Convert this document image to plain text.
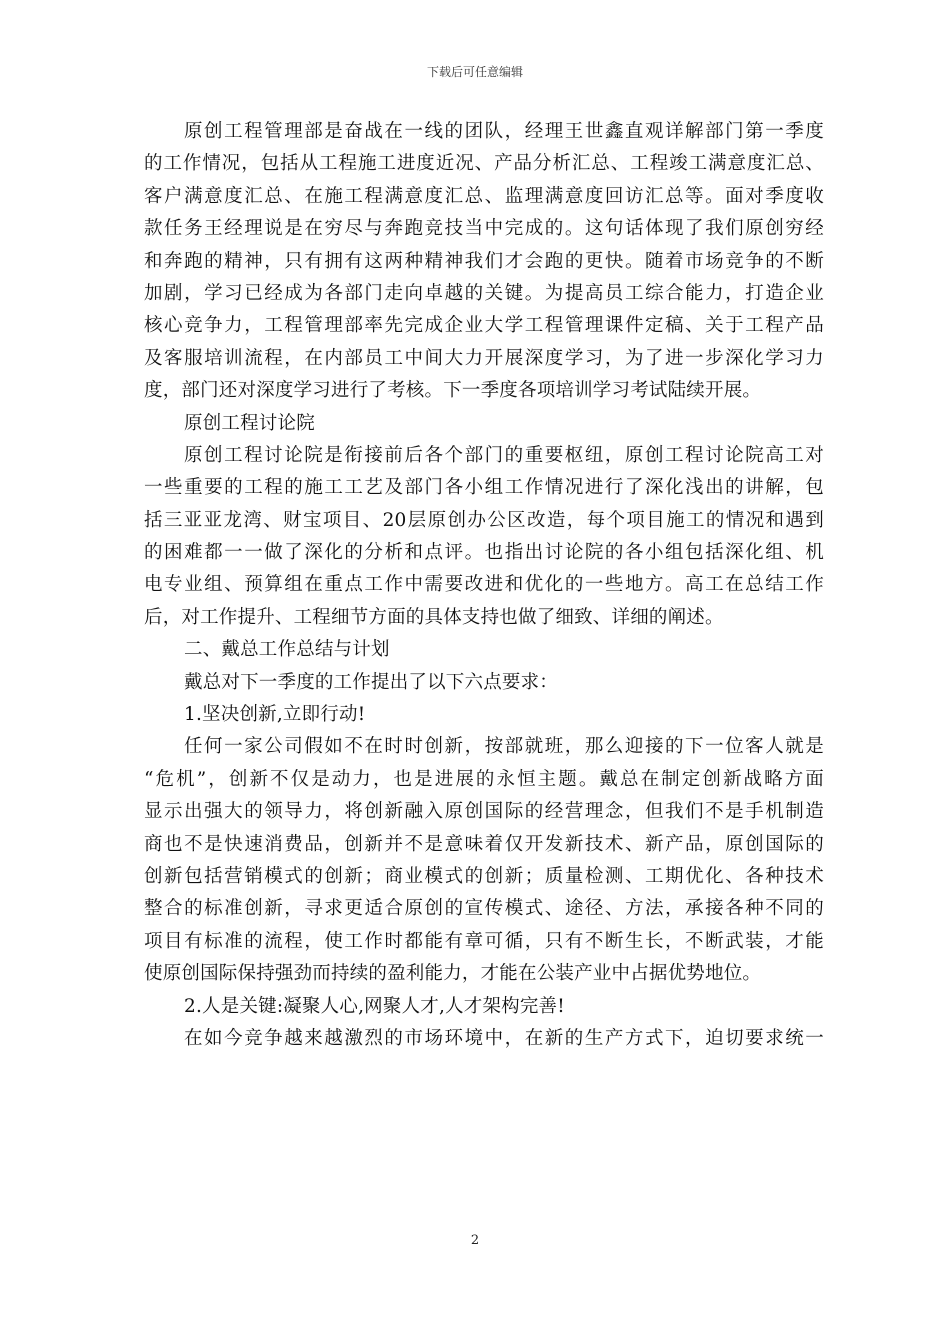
下载后可任意编辑
原创工程管理部是奋战在一线的团队，经理王世鑫直观详解部门第一季度
的工作情况，包括从工程施工进度近况、产品分析汇总、工程竣工满意度汇总、
客户满意度汇总、在施工程满意度汇总、监理满意度回访汇总等。面对季度收
款任务王经理说是在穷尽与奔跑竞技当中完成的。这句话体现了我们原创穷经
和奔跑的精神，只有拥有这两种精神我们才会跑的更快。随着市场竞争的不断
加剧，学习已经成为各部门走向卓越的关键。为提高员工综合能力，打造企业
核心竞争力，工程管理部率先完成企业大学工程管理课件定稿、关于工程产品
及客服培训流程，在内部员工中间大力开展深度学习，为了进一步深化学习力
度，部门还对深度学习进行了考核。下一季度各项培训学习考试陆续开展。
原创工程讨论院
原创工程讨论院是衔接前后各个部门的重要枢纽，原创工程讨论院高工对
一些重要的工程的施工工艺及部门各小组工作情况进行了深化浅出的讲解，包
括三亚亚龙湾、财宝项目、20层原创办公区改造，每个项目施工的情况和遇到
的困难都一一做了深化的分析和点评。也指出讨论院的各小组包括深化组、机
电专业组、预算组在重点工作中需要改进和优化的一些地方。高工在总结工作
后，对工作提升、工程细节方面的具体支持也做了细致、详细的阐述。
二、戴总工作总结与计划
戴总对下一季度的工作提出了以下六点要求：
1.坚决创新,立即行动!
任何一家公司假如不在时时创新，按部就班，那么迎接的下一位客人就是
“危机”，创新不仅是动力，也是进展的永恒主题。戴总在制定创新战略方面
显示出强大的领导力，将创新融入原创国际的经营理念，但我们不是手机制造
商也不是快速消费品，创新并不是意味着仅开发新技术、新产品，原创国际的
创新包括营销模式的创新；商业模式的创新；质量检测、工期优化、各种技术
整合的标准创新，寻求更适合原创的宣传模式、途径、方法，承接各种不同的
项目有标准的流程，使工作时都能有章可循，只有不断生长，不断武装，才能
使原创国际保持强劲而持续的盈利能力，才能在公装产业中占据优势地位。
2.人是关键:凝聚人心,网聚人才,人才架构完善!
在如今竞争越来越激烈的市场环境中，在新的生产方式下，迫切要求统一
2
